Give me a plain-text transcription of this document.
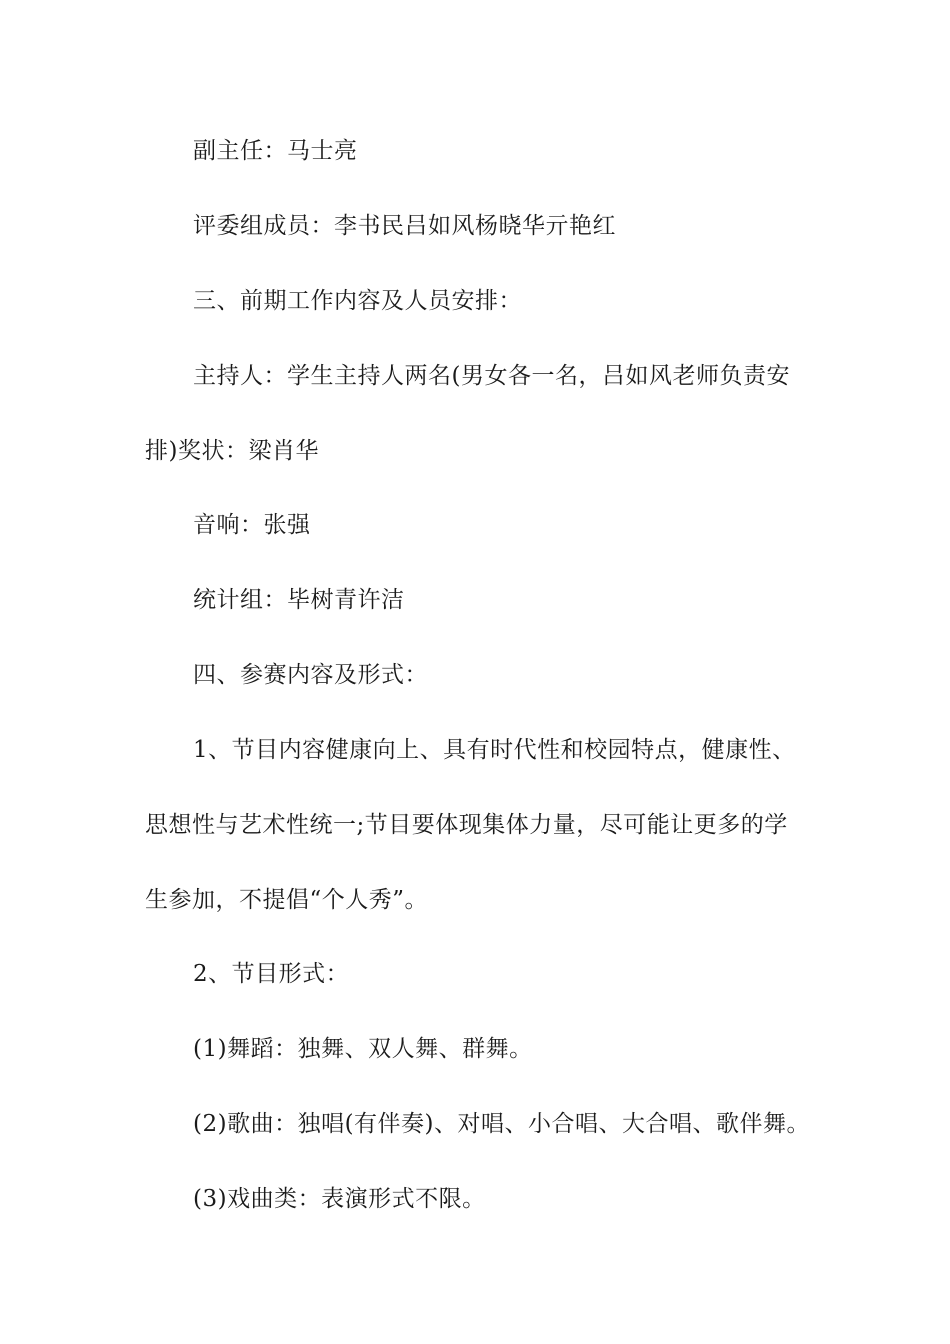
副主任：马士亮
评委组成员：李书民吕如风杨晓华亓艳红
三、前期工作内容及人员安排：
主持人：学生主持人两名(男女各一名，吕如风老师负责安
排)奖状：梁肖华
音响：张强
统计组：毕树青许洁
四、参赛内容及形式：
1、节目内容健康向上、具有时代性和校园特点，健康性、
思想性与艺术性统一;节目要体现集体力量，尽可能让更多的学
生参加，不提倡“个人秀”。
2、节目形式：
(1)舞蹈：独舞、双人舞、群舞。
(2)歌曲：独唱(有伴奏)、对唱、小合唱、大合唱、歌伴舞。
(3)戏曲类：表演形式不限。
